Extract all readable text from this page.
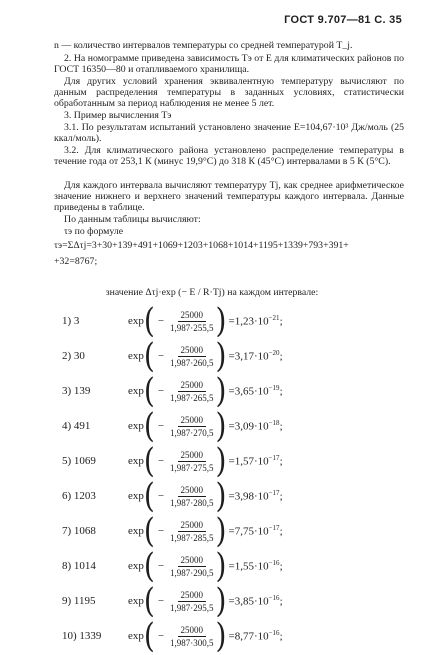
ГОСТ 9.707—81 С. 35

n — количество интервалов температуры со средней температурой T_j.

2. На номограмме приведена зависимость Tэ от E для климатических районов по ГОСТ 16350—80 и отапливаемого хранилища.

Для других условий хранения эквивалентную температуру вычисляют по данным распределения температуры в заданных условиях, статистически обработанным за период наблюдения не менее 5 лет.

3. Пример вычисления Tэ

3.1. По результатам испытаний установлено значение E=104,67·10³ Дж/моль (25 ккал/моль).

3.2. Для климатического района установлено распределение температуры в течение года от 253,1 К (минус 19,9°С) до 318 К (45°С) интервалами в 5 К (5°С).

Для каждого интервала вычисляют температуру Tj, как среднее арифметическое значение нижнего и верхнего значений температуры каждого интервала. Данные приведены в таблице.

По данным таблицы вычисляют:

τэ по формуле

τэ=ΣΔτj=3+30+139+491+1069+1203+1068+1014+1195+1339+793+391+

+32=8767;

значение Δτj·exp (− E / R·Tj) на каждом интервале:
1) 3	exp ( − $\frac{25000}{1,987\cdot 255,5}$ ) $=1,23\cdot 10^{-21}$;
2) 30	exp ( − $\frac{25000}{1,987\cdot 260,5}$ ) $=3,17\cdot 10^{-20}$;
3) 139	exp ( − $\frac{25000}{1,987\cdot 265,5}$ ) $=3,65\cdot 10^{-19}$;
4) 491	exp ( − $\frac{25000}{1,987\cdot 270,5}$ ) $=3,09\cdot 10^{-18}$;
5) 1069	exp ( − $\frac{25000}{1,987\cdot 275,5}$ ) $=1,57\cdot 10^{-17}$;
6) 1203	exp ( − $\frac{25000}{1,987\cdot 280,5}$ ) $=3,98\cdot 10^{-17}$;
7) 1068	exp ( − $\frac{25000}{1,987\cdot 285,5}$ ) $=7,75\cdot 10^{-17}$;
8) 1014	exp ( − $\frac{25000}{1,987\cdot 290,5}$ ) $=1,55\cdot 10^{-16}$;
9) 1195	exp ( − $\frac{25000}{1,987\cdot 295,5}$ ) $=3,85\cdot 10^{-16}$;
10) 1339 exp ( − $\frac{25000}{1,987\cdot 300,5}$ ) $=8,77\cdot 10^{-16}$;
